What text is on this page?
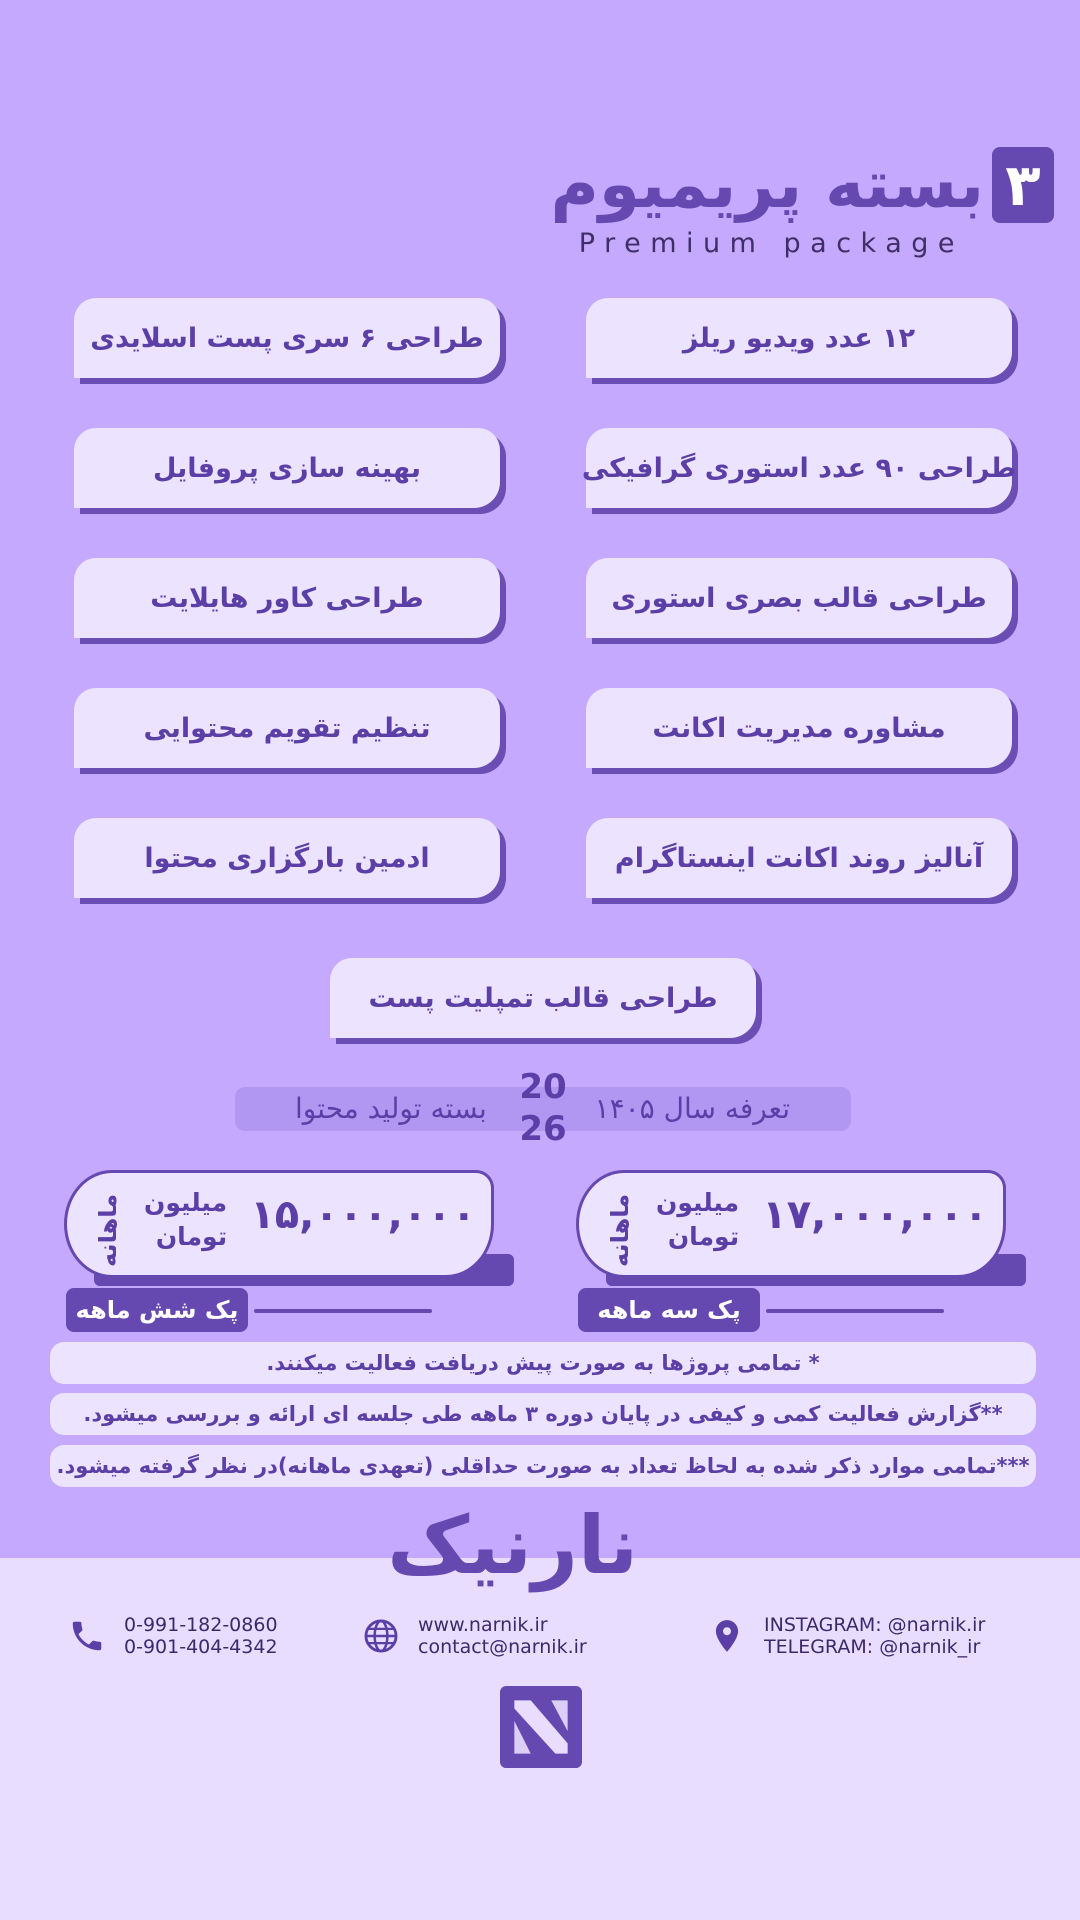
۳
بسته پریمیوم
Premium package
۱۲ عدد ویدیو ریلز
طراحی ۶ سری پست اسلایدی
طراحی ۹۰ عدد استوری گرافیکی
بهینه سازی پروفایل
طراحی قالب بصری استوری
طراحی کاور هایلایت
مشاوره مدیریت اکانت
تنظیم تقویم محتوایی
آنالیز روند اکانت اینستاگرام
ادمین بارگزاری محتوا
طراحی قالب تمپلیت پست
تعرفه سال ۱۴۰۵
20
26
بسته تولید محتوا
۱۷,۰۰۰,۰۰۰
میلیون
تومان
ماهانه
پک سه ماهه
۱۵,۰۰۰,۰۰۰
میلیون
تومان
ماهانه
پک شش ماهه
* تمامی پروژها به صورت پیش دریافت فعالیت میکنند.
**گزارش فعالیت کمی و کیفی در پایان دوره ۳ ماهه طی جلسه ای ارائه و بررسی میشود.
***تمامی موارد ذکر شده به لحاظ تعداد به صورت حداقلی (تعهدی ماهانه)در نظر گرفته میشود.
نارنیک
0-991-182-0860
0-901-404-4342
www.narnik.ir
contact@narnik.ir
INSTAGRAM: @narnik.ir
TELEGRAM: @narnik_ir
